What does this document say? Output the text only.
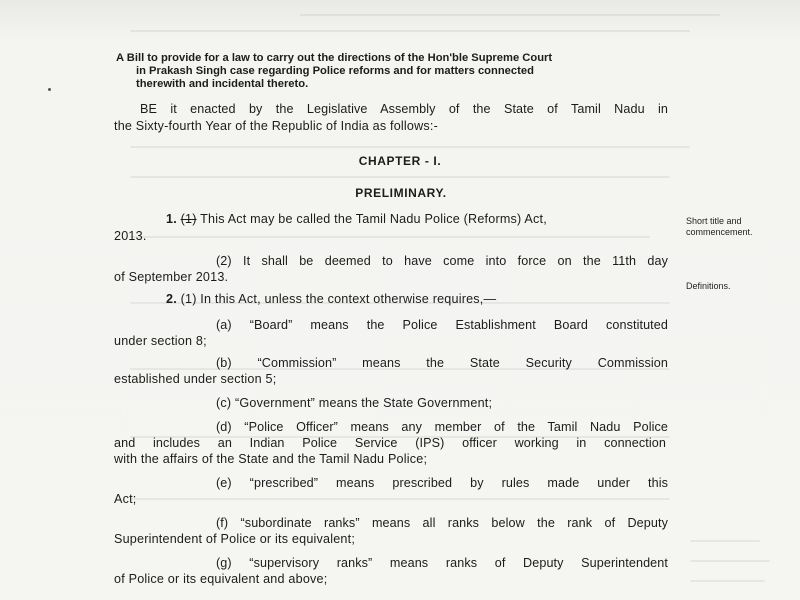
A Bill to provide for a law to carry out the directions of the Hon'ble Supreme Court
in Prakash Singh case regarding Police reforms and for matters connected
therewith and incidental thereto.
BE it enacted by the Legislative Assembly of the State of Tamil Nadu in
the Sixty-fourth Year of the Republic of India as follows:-
CHAPTER - I.
PRELIMINARY.
1. (1) This Act may be called the Tamil Nadu Police (Reforms) Act,
2013.
(2) It shall be deemed to have come into force on the 11th day
of September 2013.
2. (1) In this Act, unless the context otherwise requires,—
(a) “Board” means the Police Establishment Board constituted
under section 8;
(b) “Commission” means the State Security Commission
established under section 5;
(c) “Government” means the State Government;
(d) “Police Officer” means any member of the Tamil Nadu Police
and includes an Indian Police Service (IPS) officer working in connection
with the affairs of the State and the Tamil Nadu Police;
(e) “prescribed” means prescribed by rules made under this
Act;
(f) “subordinate ranks” means all ranks below the rank of Deputy
Superintendent of Police or its equivalent;
(g) “supervisory ranks” means ranks of Deputy Superintendent
of Police or its equivalent and above;
Short title and
commencement.
Definitions.
